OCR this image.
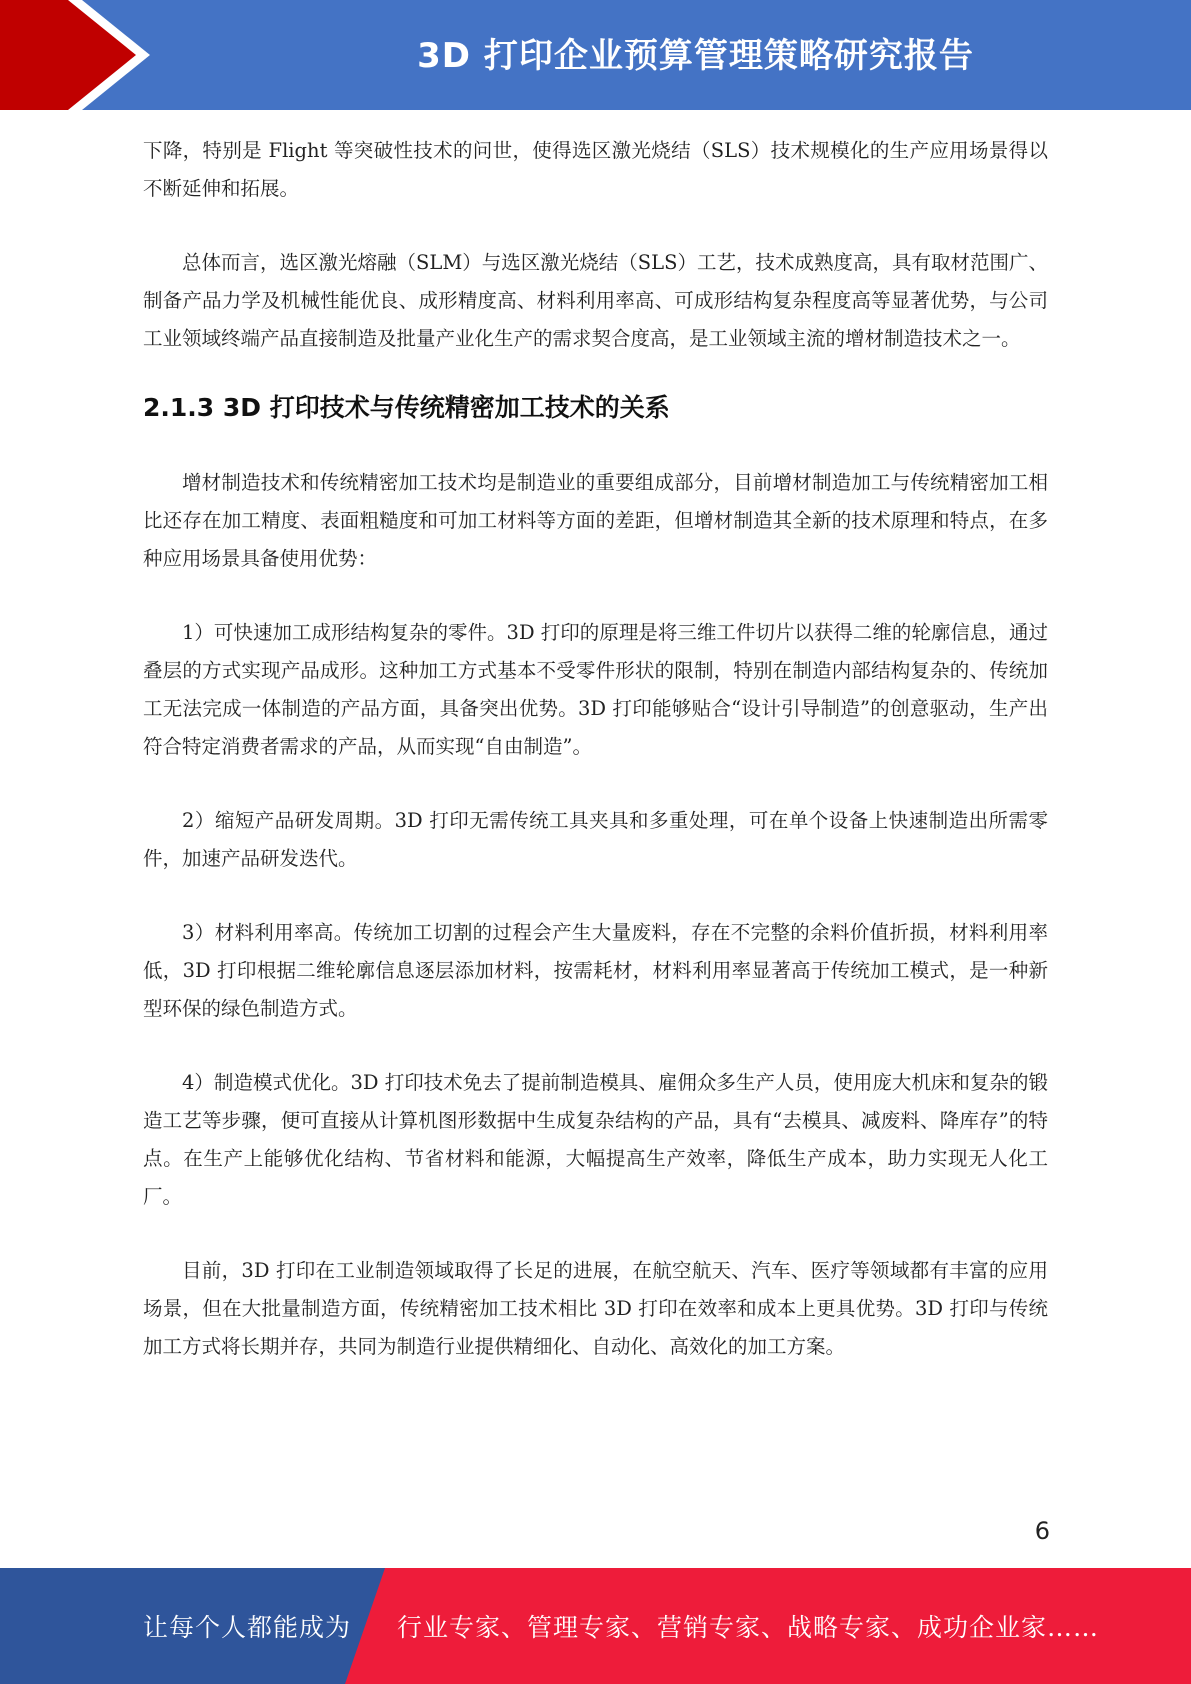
3D 打印企业预算管理策略研究报告

下降，特别是 Flight 等突破性技术的问世，使得选区激光烧结（SLS）技术规模化的生产应用场景得以不断延伸和拓展。

总体而言，选区激光熔融（SLM）与选区激光烧结（SLS）工艺，技术成熟度高，具有取材范围广、制备产品力学及机械性能优良、成形精度高、材料利用率高、可成形结构复杂程度高等显著优势，与公司工业领域终端产品直接制造及批量产业化生产的需求契合度高，是工业领域主流的增材制造技术之一。

2.1.3 3D 打印技术与传统精密加工技术的关系

增材制造技术和传统精密加工技术均是制造业的重要组成部分，目前增材制造加工与传统精密加工相比还存在加工精度、表面粗糙度和可加工材料等方面的差距，但增材制造其全新的技术原理和特点，在多种应用场景具备使用优势：

1）可快速加工成形结构复杂的零件。3D 打印的原理是将三维工件切片以获得二维的轮廓信息，通过叠层的方式实现产品成形。这种加工方式基本不受零件形状的限制，特别在制造内部结构复杂的、传统加工无法完成一体制造的产品方面，具备突出优势。3D 打印能够贴合“设计引导制造”的创意驱动，生产出符合特定消费者需求的产品，从而实现“自由制造”。

2）缩短产品研发周期。3D 打印无需传统工具夹具和多重处理，可在单个设备上快速制造出所需零件，加速产品研发迭代。

3）材料利用率高。传统加工切割的过程会产生大量废料，存在不完整的余料价值折损，材料利用率低，3D 打印根据二维轮廓信息逐层添加材料，按需耗材，材料利用率显著高于传统加工模式，是一种新型环保的绿色制造方式。

4）制造模式优化。3D 打印技术免去了提前制造模具、雇佣众多生产人员，使用庞大机床和复杂的锻造工艺等步骤，便可直接从计算机图形数据中生成复杂结构的产品，具有“去模具、减废料、降库存”的特点。在生产上能够优化结构、节省材料和能源，大幅提高生产效率，降低生产成本，助力实现无人化工厂。

目前，3D 打印在工业制造领域取得了长足的进展，在航空航天、汽车、医疗等领域都有丰富的应用场景，但在大批量制造方面，传统精密加工技术相比 3D 打印在效率和成本上更具优势。3D 打印与传统加工方式将长期并存，共同为制造行业提供精细化、自动化、高效化的加工方案。

6
让每个人都能成为 行业专家、管理专家、营销专家、战略专家、成功企业家……
